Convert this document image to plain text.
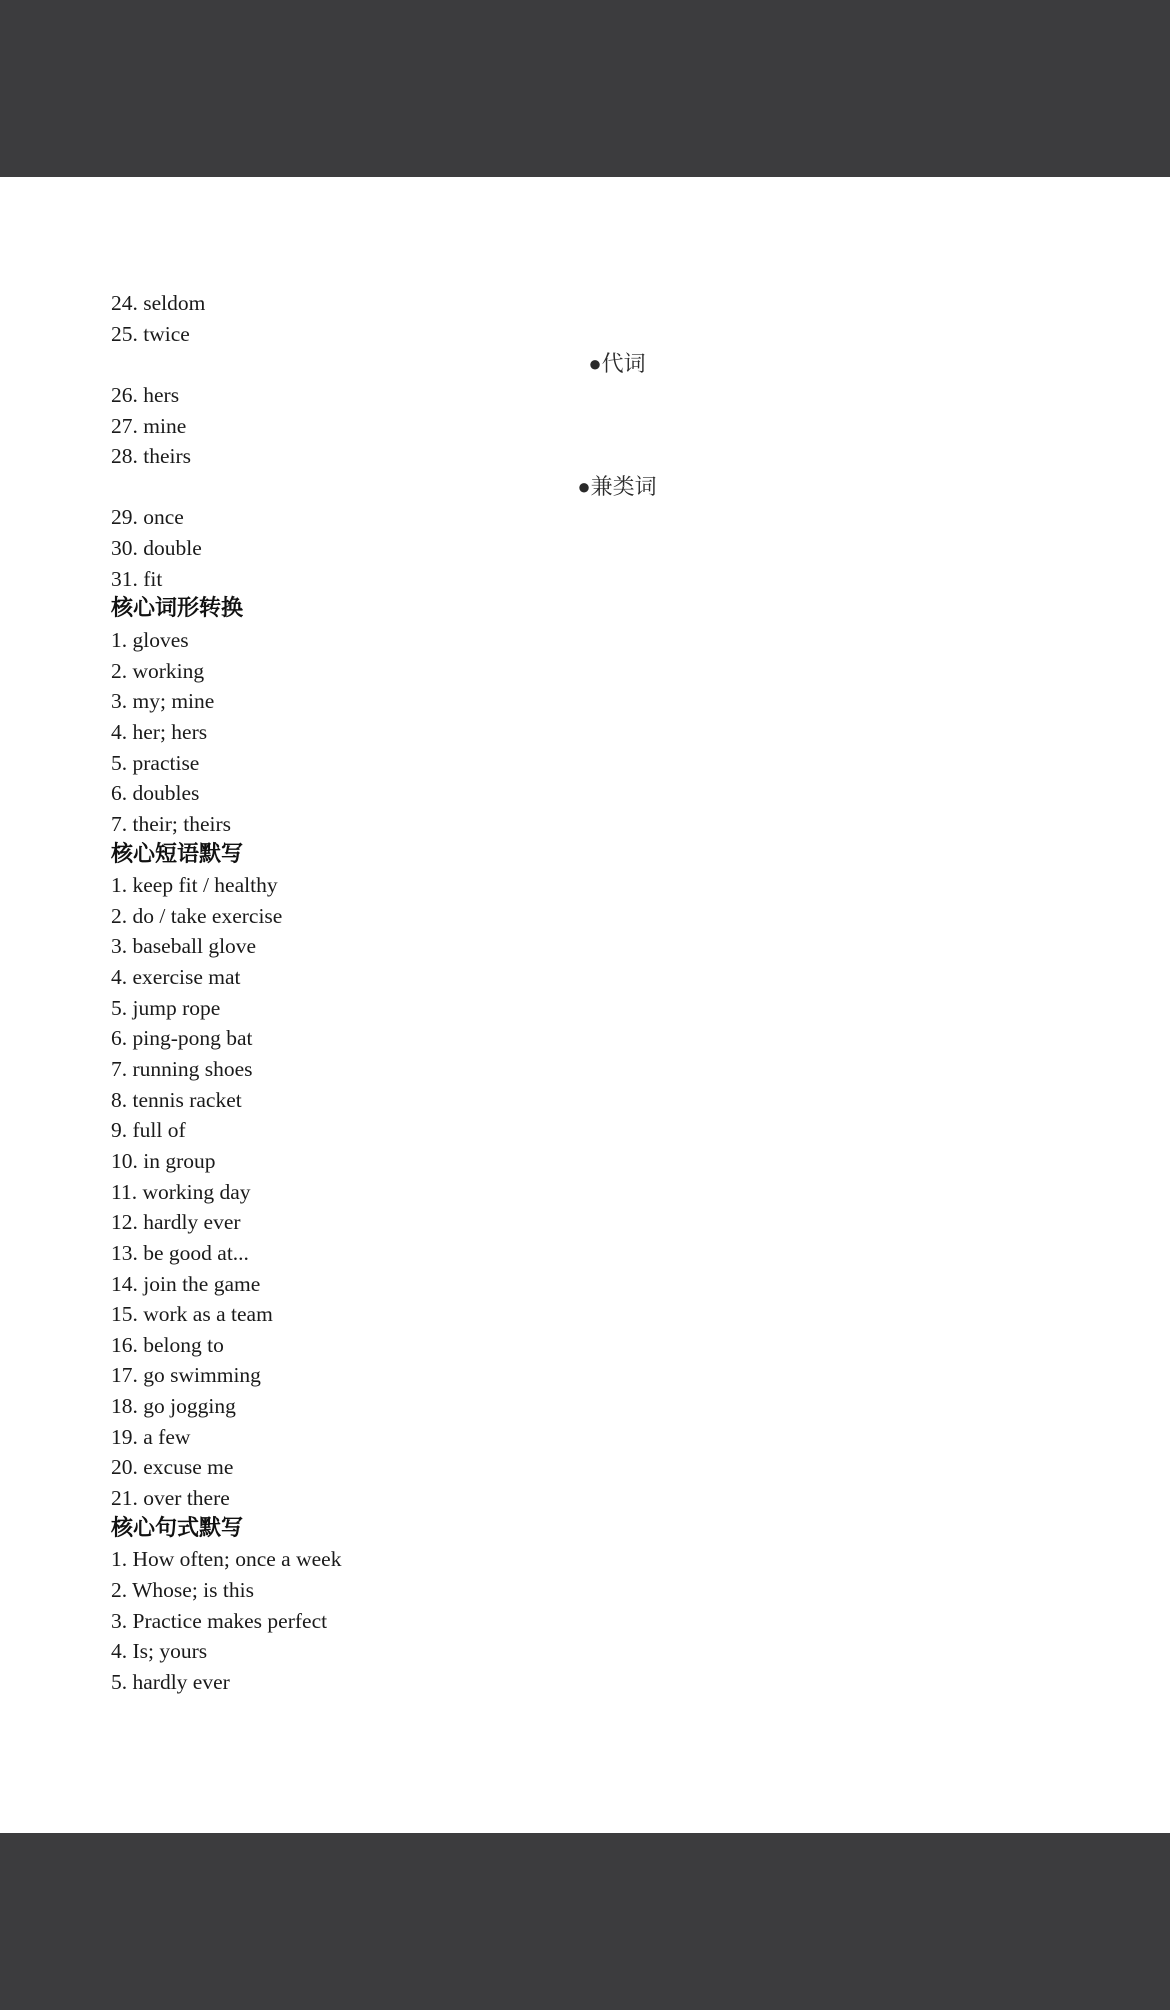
24. seldom
25. twice
●代词
26. hers
27. mine
28. theirs
●兼类词
29. once
30. double
31. fit
核心词形转换
1. gloves
2. working
3. my; mine
4. her; hers
5. practise
6. doubles
7. their; theirs
核心短语默写
1. keep fit / healthy
2. do / take exercise
3. baseball glove
4. exercise mat
5. jump rope
6. ping-pong bat
7. running shoes
8. tennis racket
9. full of
10. in group
11. working day
12. hardly ever
13. be good at...
14. join the game
15. work as a team
16. belong to
17. go swimming
18. go jogging
19. a few
20. excuse me
21. over there
核心句式默写
1. How often; once a week
2. Whose; is this
3. Practice makes perfect
4. Is; yours
5. hardly ever
